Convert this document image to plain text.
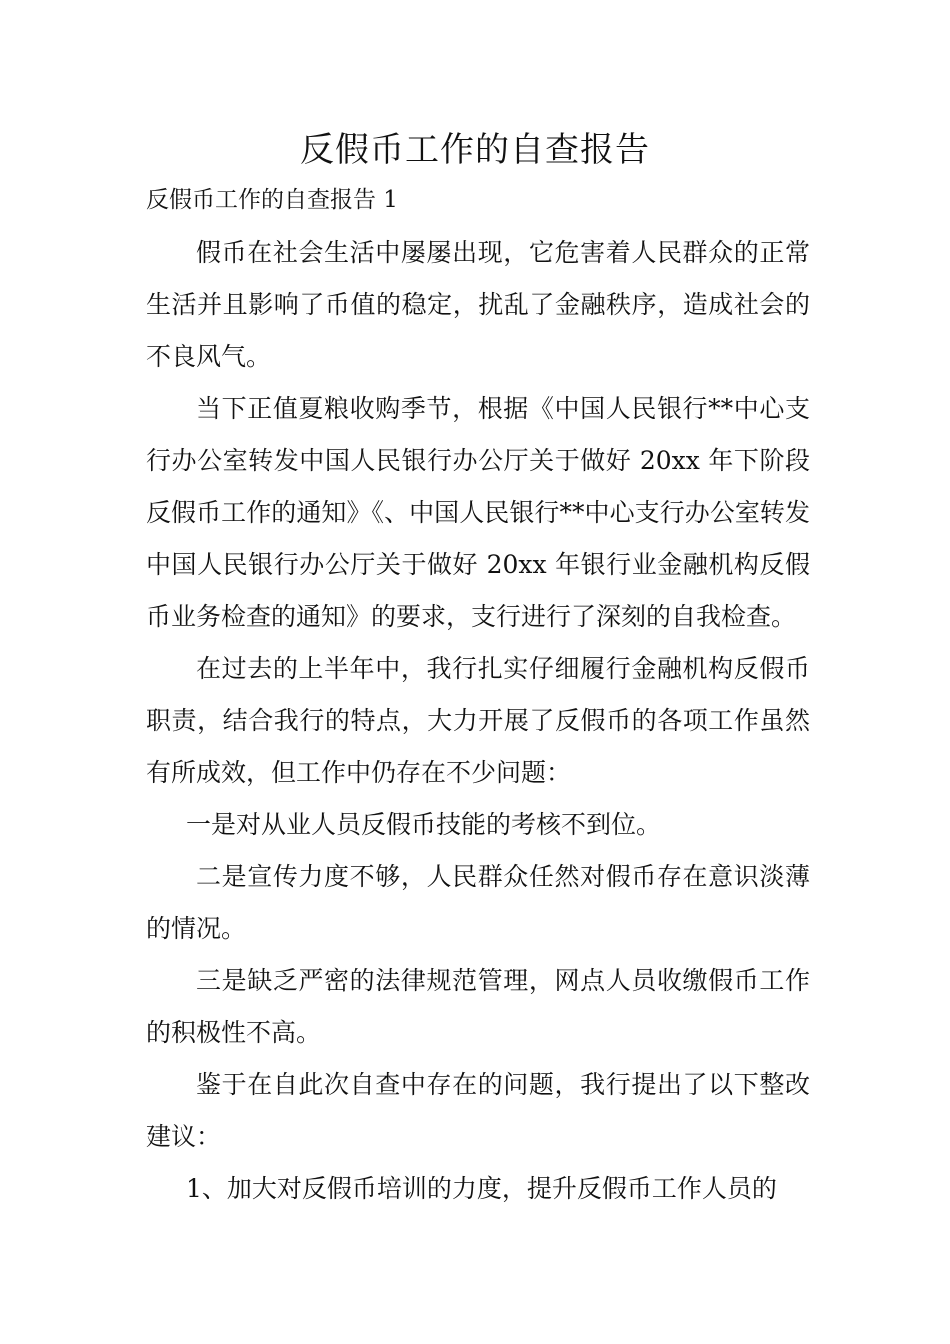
反假币工作的自查报告
反假币工作的自查报告 1

假币在社会生活中屡屡出现，它危害着人民群众的正常生活并且影响了币值的稳定，扰乱了金融秩序，造成社会的不良风气。

当下正值夏粮收购季节，根据《中国人民银行**中心支行办公室转发中国人民银行办公厅关于做好 20xx 年下阶段反假币工作的通知》《、中国人民银行**中心支行办公室转发中国人民银行办公厅关于做好 20xx 年银行业金融机构反假币业务检查的通知》的要求，支行进行了深刻的自我检查。

在过去的上半年中，我行扎实仔细履行金融机构反假币职责，结合我行的特点，大力开展了反假币的各项工作虽然有所成效，但工作中仍存在不少问题：

一是对从业人员反假币技能的考核不到位。

二是宣传力度不够，人民群众任然对假币存在意识淡薄的情况。

三是缺乏严密的法律规范管理，网点人员收缴假币工作的积极性不高。

鉴于在自此次自查中存在的问题，我行提出了以下整改建议：

1、加大对反假币培训的力度，提升反假币工作人员的
